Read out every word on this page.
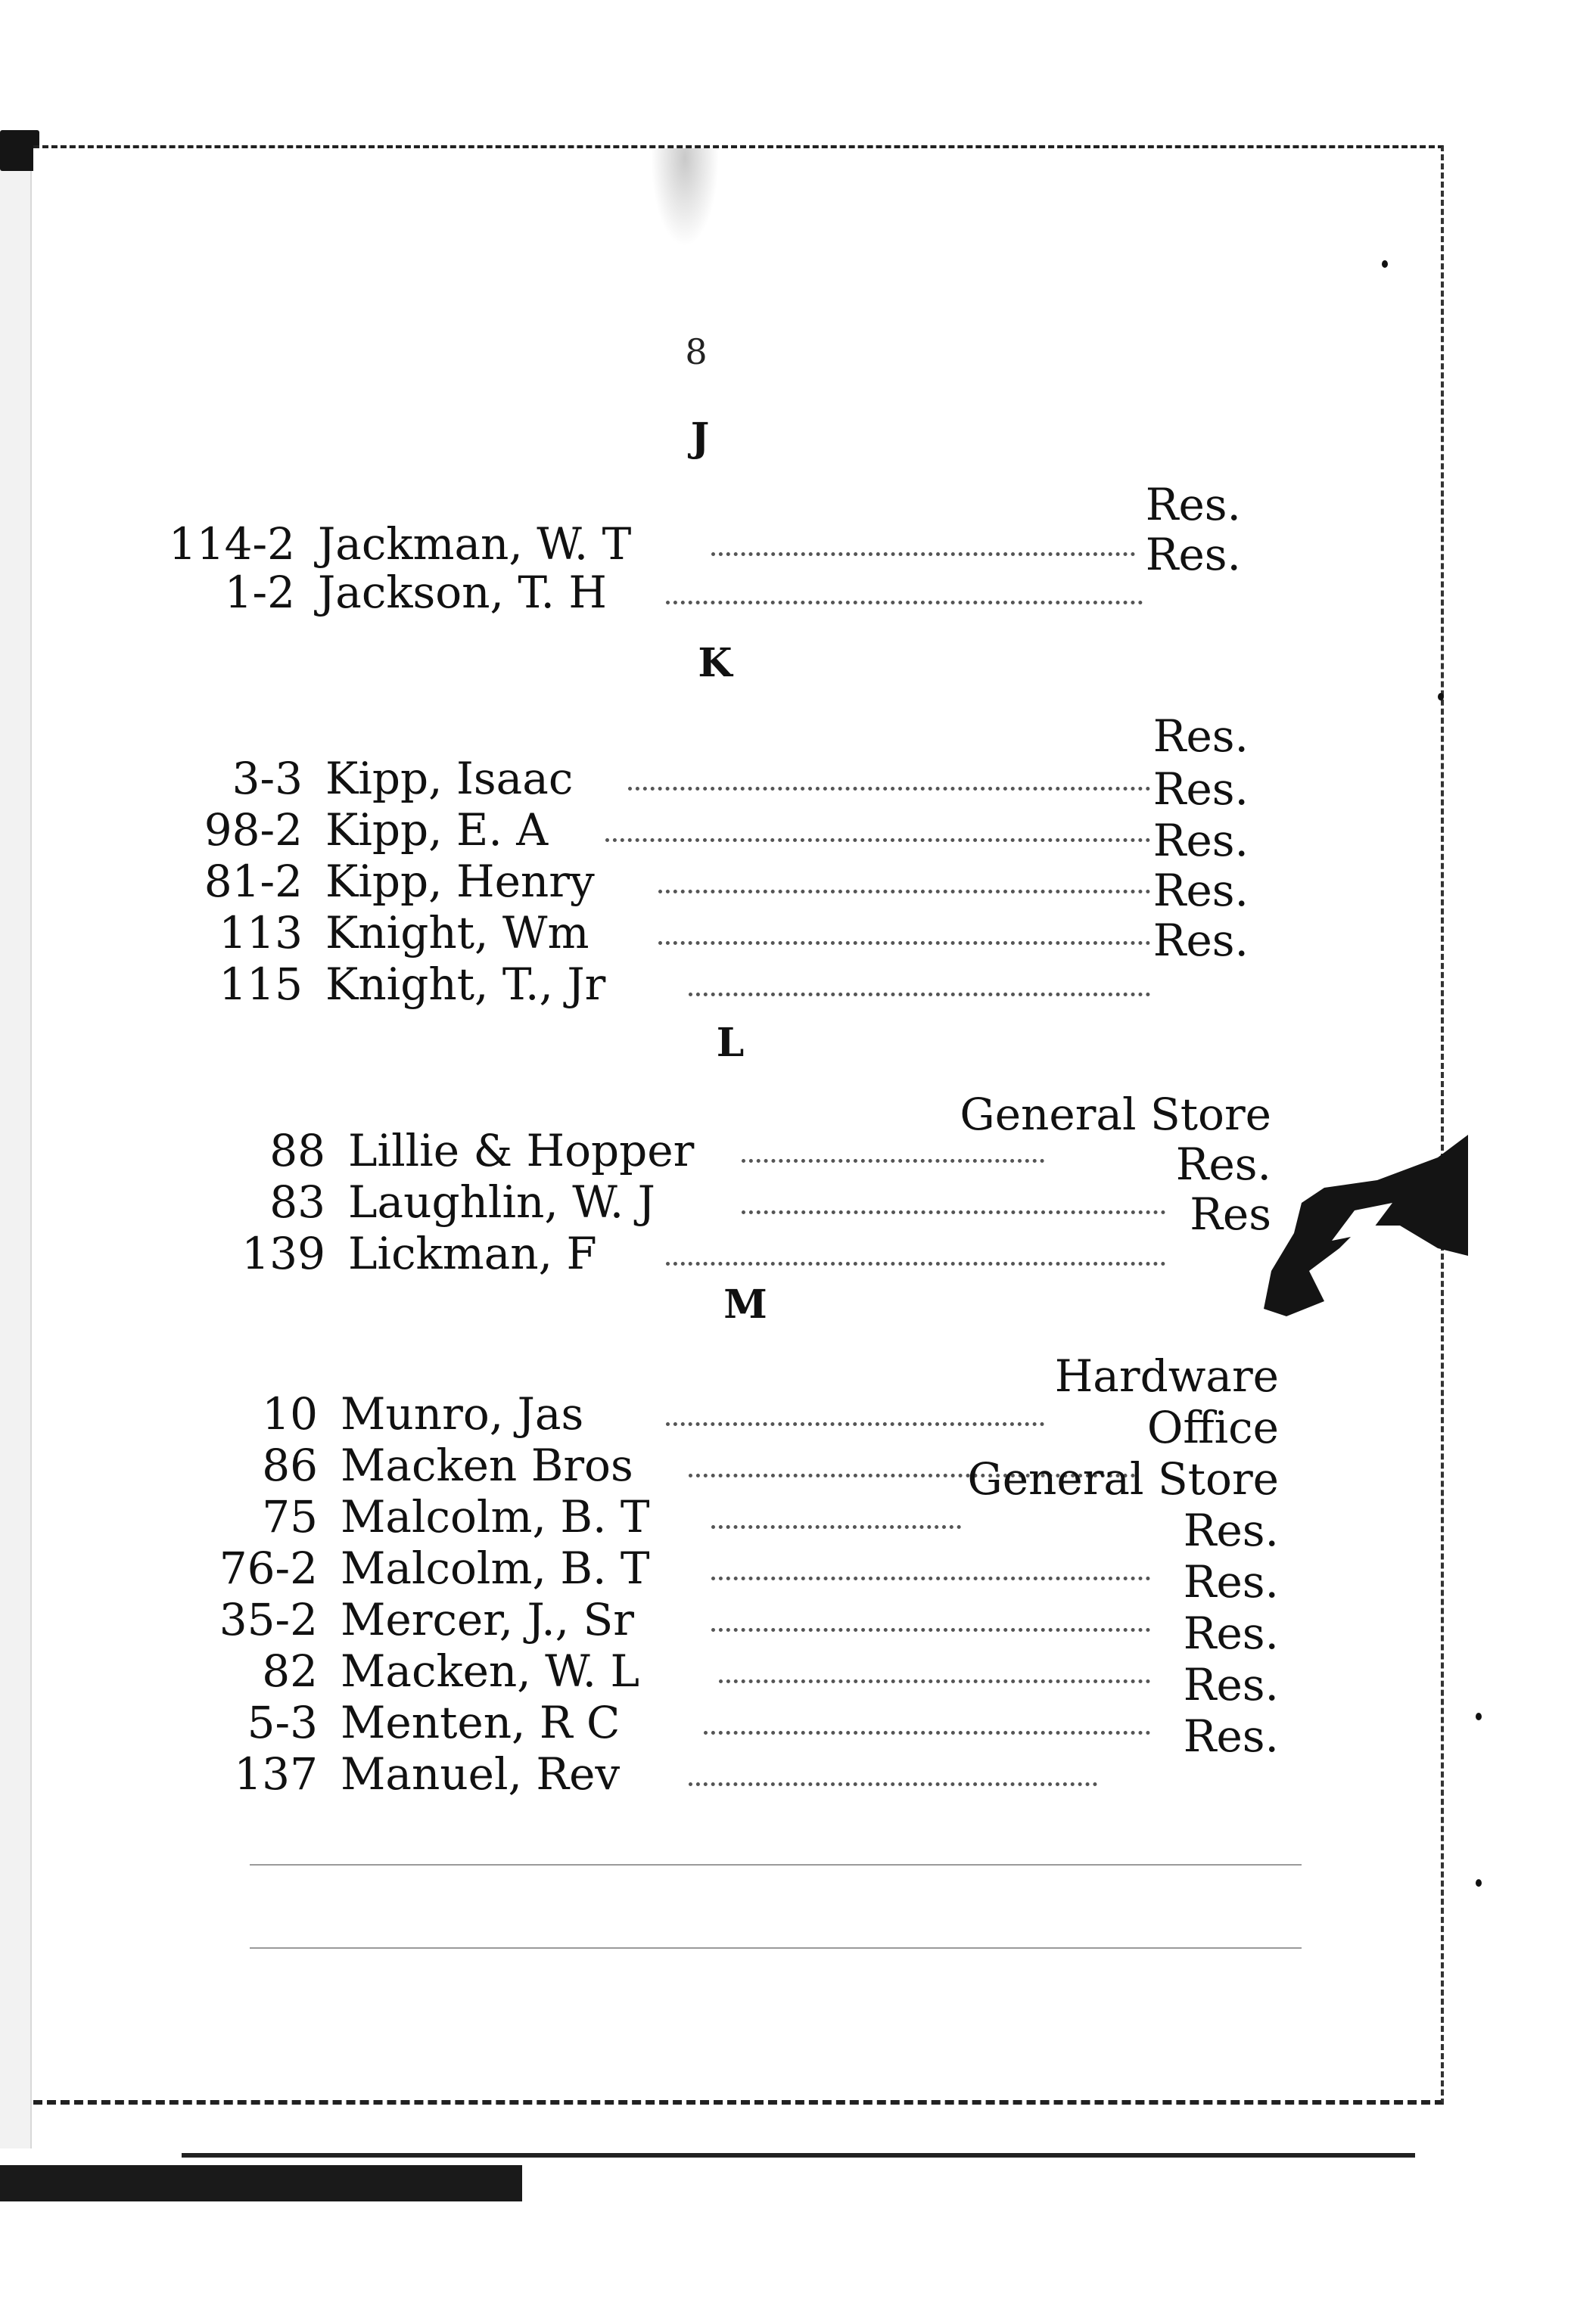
8
J
114-2 Jackman, W. T
Res.
1-2 Jackson, T. H
Res.
K
3-3 Kipp, Isaac
Res.
98-2 Kipp, E. A
Res.
81-2 Kipp, Henry
Res.
113 Knight, Wm
Res.
115 Knight, T., Jr
Res.
L
88 Lillie & Hopper
General Store
83 Laughlin, W. J
Res.
139 Lickman, F
Res
M
10 Munro, Jas
Hardware
86 Macken Bros
Office
75 Malcolm, B. T
General Store
76-2 Malcolm, B. T
Res.
35-2 Mercer, J., Sr
Res.
82 Macken, W. L
Res.
5-3 Menten, R C
Res.
137 Manuel, Rev
Res.
